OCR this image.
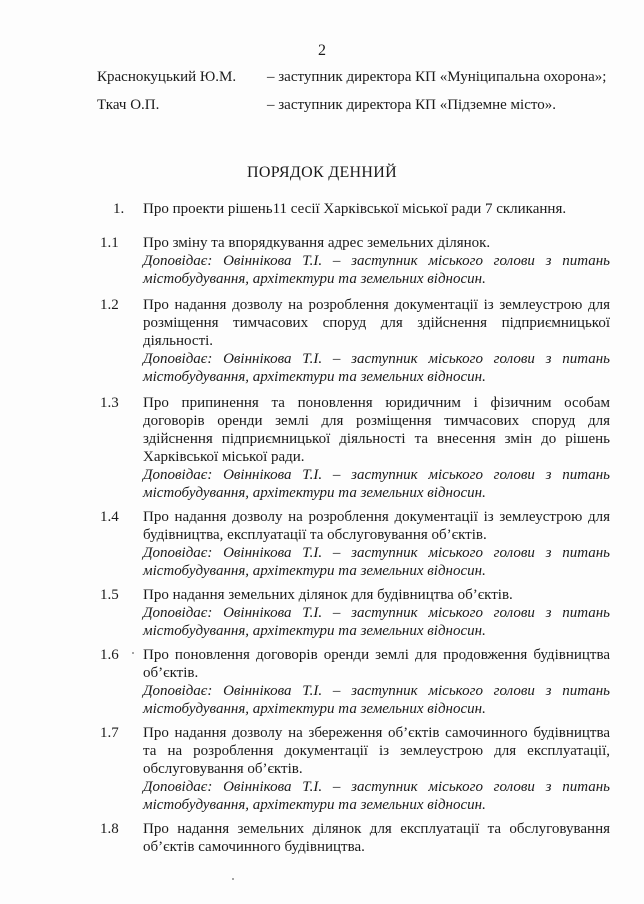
2
Краснокуцький Ю.М. – заступник директора КП «Муніципальна охорона»;
Ткач О.П.	– заступник директора КП «Підземне місто».
ПОРЯДОК ДЕННИЙ
1. Про проекти рішень11 сесії Харківської міської ради 7 скликання.
1.1 Про зміну та впорядкування адрес земельних ділянок.
Доповідає: Овіннікова Т.І. – заступник міського голови з питань містобудування, архітектури та земельних відносин.
1.2 Про надання дозволу на розроблення документації із землеустрою для розміщення тимчасових споруд для здійснення підприємницької діяльності.
Доповідає: Овіннікова Т.І. – заступник міського голови з питань містобудування, архітектури та земельних відносин.
1.3 Про припинення та поновлення юридичним і фізичним особам договорів оренди землі для розміщення тимчасових споруд для здійснення підприємницької діяльності та внесення змін до рішень Харківської міської ради.
Доповідає: Овіннікова Т.І. – заступник міського голови з питань містобудування, архітектури та земельних відносин.
1.4 Про надання дозволу на розроблення документації із землеустрою для будівництва, експлуатації та обслуговування об’єктів.
Доповідає: Овіннікова Т.І. – заступник міського голови з питань містобудування, архітектури та земельних відносин.
1.5 Про надання земельних ділянок для будівництва об’єктів.
Доповідає: Овіннікова Т.І. – заступник міського голови з питань містобудування, архітектури та земельних відносин.
1.6 Про поновлення договорів оренди землі для продовження будівництва об’єктів.
Доповідає: Овіннікова Т.І. – заступник міського голови з питань містобудування, архітектури та земельних відносин.
1.7 Про надання дозволу на збереження об’єктів самочинного будівництва та на розроблення документації із землеустрою для експлуатації, обслуговування об’єктів.
Доповідає: Овіннікова Т.І. – заступник міського голови з питань містобудування, архітектури та земельних відносин.
1.8 Про надання земельних ділянок для експлуатації та обслуговування об’єктів самочинного будівництва.
